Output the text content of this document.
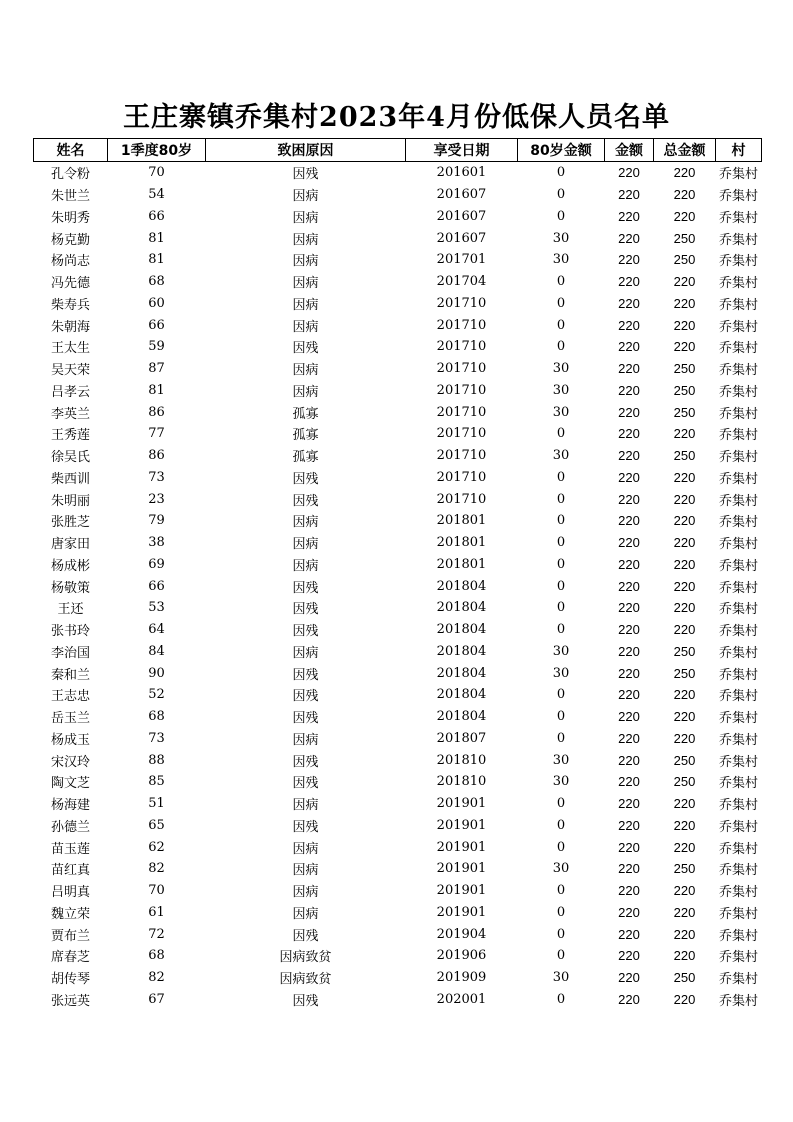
王庄寨镇乔集村2023年4月份低保人员名单
姓名	1季度80岁	致困原因	享受日期	80岁金额	金额	总金额	村
孔令粉	70	因残	201601	0	220	220	乔集村
朱世兰	54	因病	201607	0	220	220	乔集村
朱明秀	66	因病	201607	0	220	220	乔集村
杨克勤	81	因病	201607	30	220	250	乔集村
杨尚志	81	因病	201701	30	220	250	乔集村
冯先德	68	因病	201704	0	220	220	乔集村
柴寿兵	60	因病	201710	0	220	220	乔集村
朱朝海	66	因病	201710	0	220	220	乔集村
王太生	59	因残	201710	0	220	220	乔集村
吴天荣	87	因病	201710	30	220	250	乔集村
吕孝云	81	因病	201710	30	220	250	乔集村
李英兰	86	孤寡	201710	30	220	250	乔集村
王秀莲	77	孤寡	201710	0	220	220	乔集村
徐吴氏	86	孤寡	201710	30	220	250	乔集村
柴西训	73	因残	201710	0	220	220	乔集村
朱明丽	23	因残	201710	0	220	220	乔集村
张胜芝	79	因病	201801	0	220	220	乔集村
唐家田	38	因病	201801	0	220	220	乔集村
杨成彬	69	因病	201801	0	220	220	乔集村
杨敬策	66	因残	201804	0	220	220	乔集村
王还	53	因残	201804	0	220	220	乔集村
张书玲	64	因残	201804	0	220	220	乔集村
李治国	84	因病	201804	30	220	250	乔集村
秦和兰	90	因残	201804	30	220	250	乔集村
王志忠	52	因残	201804	0	220	220	乔集村
岳玉兰	68	因残	201804	0	220	220	乔集村
杨成玉	73	因病	201807	0	220	220	乔集村
宋汉玲	88	因残	201810	30	220	250	乔集村
陶文芝	85	因残	201810	30	220	250	乔集村
杨海建	51	因病	201901	0	220	220	乔集村
孙德兰	65	因残	201901	0	220	220	乔集村
苗玉莲	62	因病	201901	0	220	220	乔集村
苗红真	82	因病	201901	30	220	250	乔集村
吕明真	70	因病	201901	0	220	220	乔集村
魏立荣	61	因病	201901	0	220	220	乔集村
贾布兰	72	因残	201904	0	220	220	乔集村
席春芝	68	因病致贫	201906	0	220	220	乔集村
胡传琴	82	因病致贫	201909	30	220	250	乔集村
张远英	67	因残	202001	0	220	220	乔集村
